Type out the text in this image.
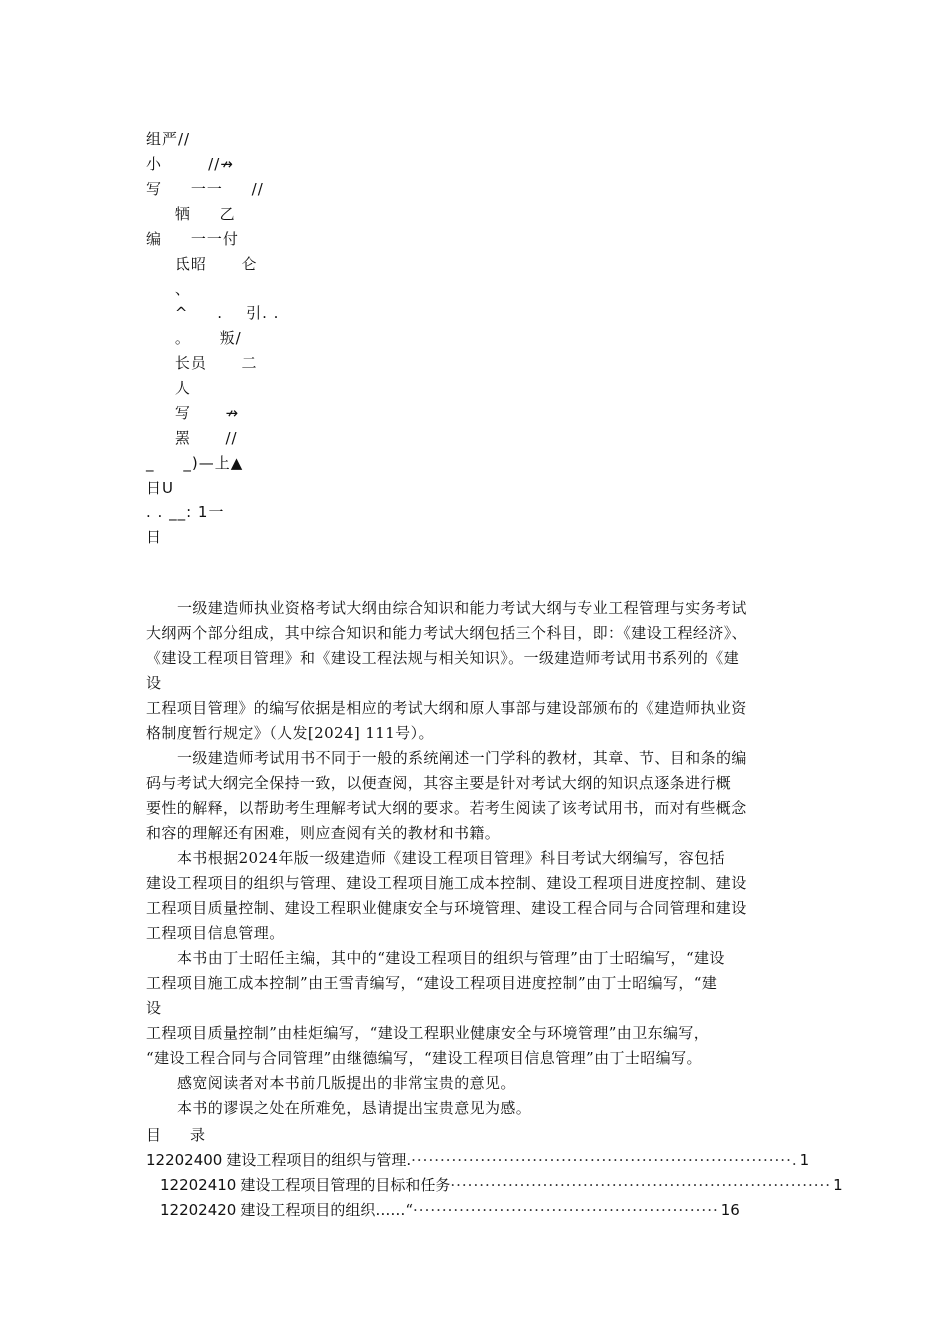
组严//
小        //↛
写     一一     //
牺     乙
编     一一付
氐昭      仑
、
^     .    引. .
。     叛/
长员      二
人
写      ↛
罴      //
_     _)—上▲
日U
. . __: 1一
日
一级建造师执业资格考试大纲由综合知识和能力考试大纲与专业工程管理与实务考试
大纲两个部分组成，其中综合知识和能力考试大纲包括三个科目，即：《建设工程经济》、
《建设工程项目管理》和《建设工程法规与相关知识》。一级建造师考试用书系列的《建
设
工程项目管理》的编写依据是相应的考试大纲和原人事部与建设部颁布的《建造师执业资
格制度暂行规定》（人发[2024] 111号）。
一级建造师考试用书不同于一般的系统阐述一门学科的教材，其章、节、目和条的编
码与考试大纲完全保持一致，以便查阅，其容主要是针对考试大纲的知识点逐条进行概
要性的解释，以帮助考生理解考试大纲的要求。若考生阅读了该考试用书，而对有些概念
和容的理解还有困难，则应查阅有关的教材和书籍。
本书根据2024年版一级建造师《建设工程项目管理》科目考试大纲编写，容包括
建设工程项目的组织与管理、建设工程项目施工成本控制、建设工程项目进度控制、建设
工程项目质量控制、建设工程职业健康安全与环境管理、建设工程合同与合同管理和建设
工程项目信息管理。
本书由丁士昭任主编，其中的“建设工程项目的组织与管理”由丁士昭编写，“建设
工程项目施工成本控制”由王雪青编写，“建设工程项目进度控制”由丁士昭编写，“建
设
工程项目质量控制”由桂炬编写，“建设工程职业健康安全与环境管理”由卫东编写，
“建设工程合同与合同管理”由继德编写，“建设工程项目信息管理”由丁士昭编写。
感宽阅读者对本书前几版提出的非常宝贵的意见。
本书的谬误之处在所难免，恳请提出宝贵意见为感。
目 录
12202400 建设工程项目的组织与管理. ··································································. 1
12202410 建设工程项目管理的目标和任务 ·································································· 1
12202420 建设工程项目的组织……“ ····················································· 16
